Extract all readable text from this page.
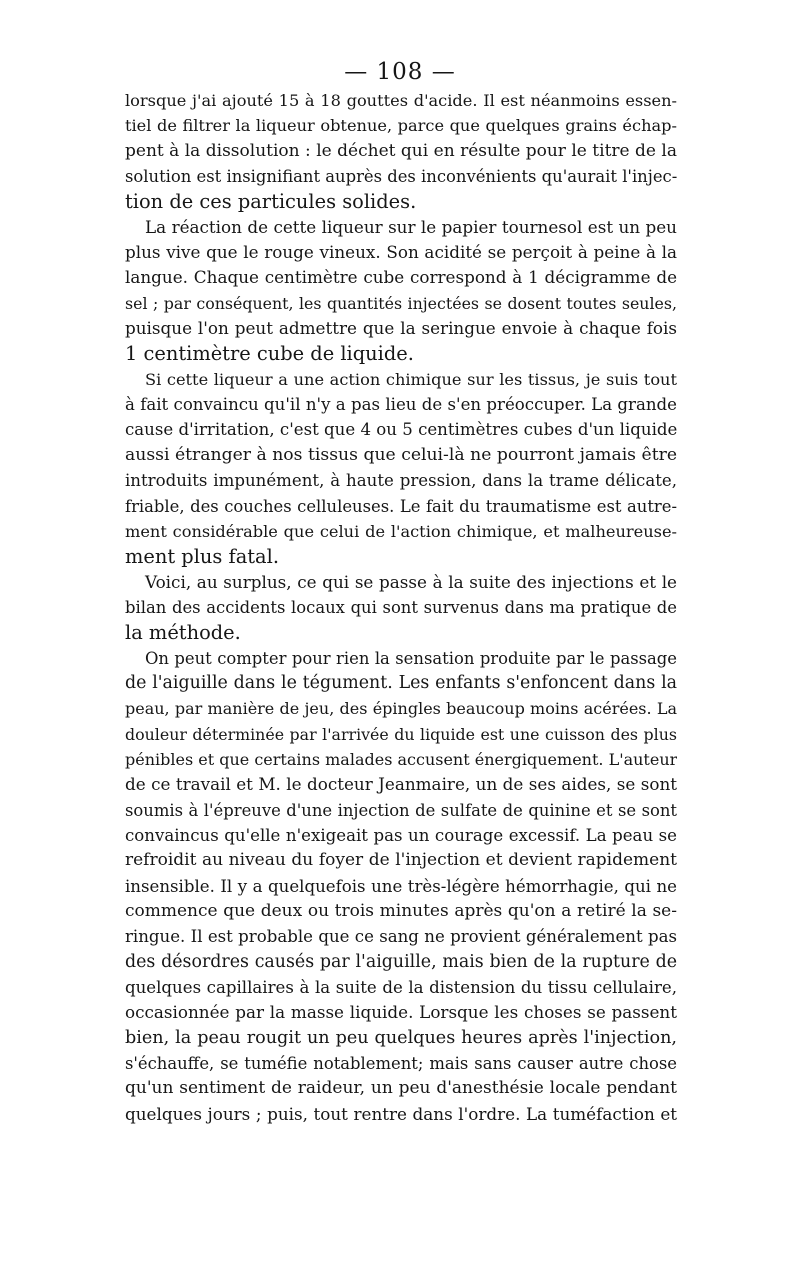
— 108 —
lorsque j'ai ajouté 15 à 18 gouttes d'acide. Il est néanmoins essen-
tiel de filtrer la liqueur obtenue, parce que quelques grains échap-
pent à la dissolution : le déchet qui en résulte pour le titre de la
solution est insignifiant auprès des inconvénients qu'aurait l'injec-
tion de ces particules solides.
La réaction de cette liqueur sur le papier tournesol est un peu
plus vive que le rouge vineux. Son acidité se perçoit à peine à la
langue. Chaque centimètre cube correspond à 1 décigramme de
sel ; par conséquent, les quantités injectées se dosent toutes seules,
puisque l'on peut admettre que la seringue envoie à chaque fois
1 centimètre cube de liquide.
Si cette liqueur a une action chimique sur les tissus, je suis tout
à fait convaincu qu'il n'y a pas lieu de s'en préoccuper. La grande
cause d'irritation, c'est que 4 ou 5 centimètres cubes d'un liquide
aussi étranger à nos tissus que celui-là ne pourront jamais être
introduits impunément, à haute pression, dans la trame délicate,
friable, des couches celluleuses. Le fait du traumatisme est autre-
ment considérable que celui de l'action chimique, et malheureuse-
ment plus fatal.
Voici, au surplus, ce qui se passe à la suite des injections et le
bilan des accidents locaux qui sont survenus dans ma pratique de
la méthode.
On peut compter pour rien la sensation produite par le passage
de l'aiguille dans le tégument. Les enfants s'enfoncent dans la
peau, par manière de jeu, des épingles beaucoup moins acérées. La
douleur déterminée par l'arrivée du liquide est une cuisson des plus
pénibles et que certains malades accusent énergiquement. L'auteur
de ce travail et M. le docteur Jeanmaire, un de ses aides, se sont
soumis à l'épreuve d'une injection de sulfate de quinine et se sont
convaincus qu'elle n'exigeait pas un courage excessif. La peau se
refroidit au niveau du foyer de l'injection et devient rapidement
insensible. Il y a quelquefois une très-légère hémorrhagie, qui ne
commence que deux ou trois minutes après qu'on a retiré la se-
ringue. Il est probable que ce sang ne provient généralement pas
des désordres causés par l'aiguille, mais bien de la rupture de
quelques capillaires à la suite de la distension du tissu cellulaire,
occasionnée par la masse liquide. Lorsque les choses se passent
bien, la peau rougit un peu quelques heures après l'injection,
s'échauffe, se tuméfie notablement; mais sans causer autre chose
qu'un sentiment de raideur, un peu d'anesthésie locale pendant
quelques jours ; puis, tout rentre dans l'ordre. La tuméfaction et
